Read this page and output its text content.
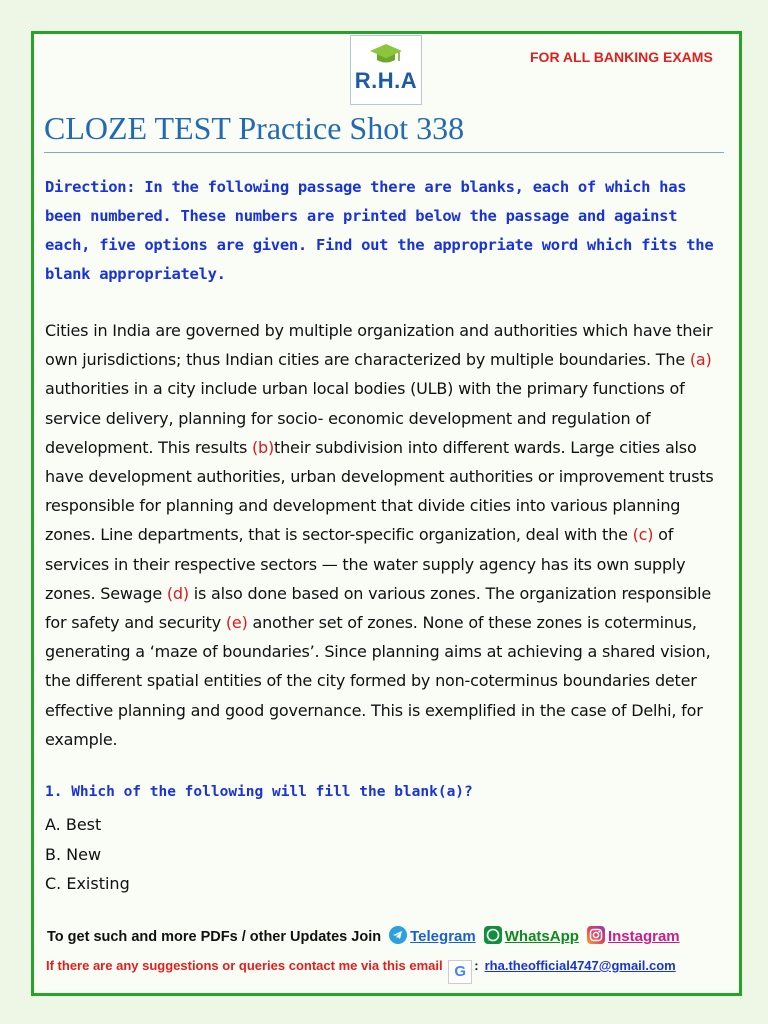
R.H.A
FOR ALL BANKING EXAMS
CLOZE TEST Practice Shot 338
Direction: In the following passage there are blanks, each of which has been numbered. These numbers are printed below the passage and against each, five options are given. Find out the appropriate word which fits the blank appropriately.
Cities in India are governed by multiple organization and authorities which have their own jurisdictions; thus Indian cities are characterized by multiple boundaries. The (a) authorities in a city include urban local bodies (ULB) with the primary functions of service delivery, planning for socio- economic development and regulation of development. This results (b)their subdivision into different wards. Large cities also have development authorities, urban development authorities or improvement trusts responsible for planning and development that divide cities into various planning zones. Line departments, that is sector-specific organization, deal with the (c) of services in their respective sectors — the water supply agency has its own supply zones. Sewage (d) is also done based on various zones. The organization responsible for safety and security (e) another set of zones. None of these zones is coterminus, generating a ‘maze of boundaries’. Since planning aims at achieving a shared vision, the different spatial entities of the city formed by non-coterminus boundaries deter effective planning and good governance. This is exemplified in the case of Delhi, for example.
1. Which of the following will fill the blank(a)?
A. Best
B. New
C. Existing
To get such and more PDFs / other Updates Join Telegram WhatsApp Instagram
If there are any suggestions or queries contact me via this email G : rha.theofficial4747@gmail.com
